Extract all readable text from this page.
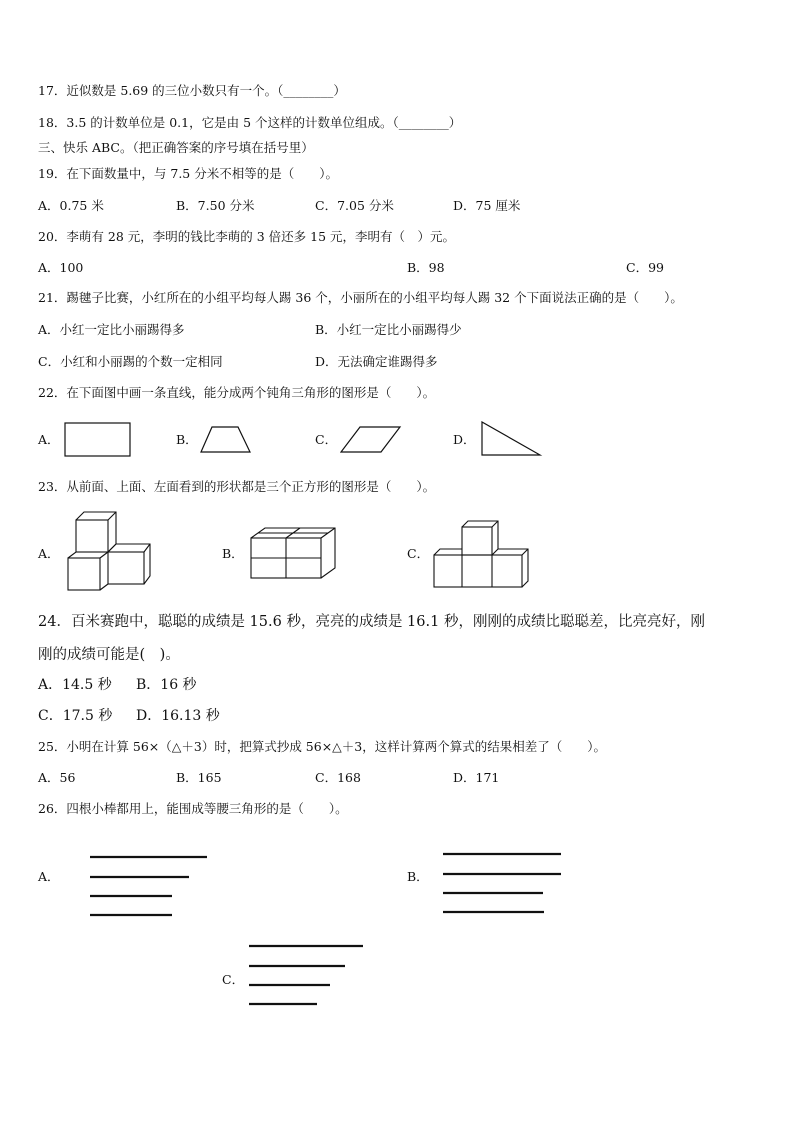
17．近似数是 5.69 的三位小数只有一个。（________）
18．3.5 的计数单位是 0.1，它是由 5 个这样的计数单位组成。（________）
三、快乐 ABC。（把正确答案的序号填在括号里）
19．在下面数量中，与 7.5 分米不相等的是（　　）。
A．0.75 米	B．7.50 分米	C．7.05 分米	D．75 厘米
20．李萌有 28 元，李明的钱比李萌的 3 倍还多 15 元，李明有（　）元。
A．100	B．98	C．99
21．踢毽子比赛，小红所在的小组平均每人踢 36 个，小丽所在的小组平均每人踢 32 个下面说法正确的是（　　）。
A．小红一定比小丽踢得多	B．小红一定比小丽踢得少
C．小红和小丽踢的个数一定相同	D．无法确定谁踢得多
22．在下面图中画一条直线，能分成两个钝角三角形的图形是（　　）。
A．	B．	C．	D．
23．从前面、上面、左面看到的形状都是三个正方形的图形是（　　）。
A．	B．	C．
24．百米赛跑中，聪聪的成绩是 15.6 秒，亮亮的成绩是 16.1 秒，刚刚的成绩比聪聪差，比亮亮好，刚
刚的成绩可能是(　)。
A．14.5 秒 B．16 秒
C．17.5 秒 D．16.13 秒
25．小明在计算 56×（△＋3）时，把算式抄成 56×△＋3，这样计算两个算式的结果相差了（　　）。
A．56	B．165	C．168	D．171
26．四根小棒都用上，能围成等腰三角形的是（　　）。
A．	B．
C．
